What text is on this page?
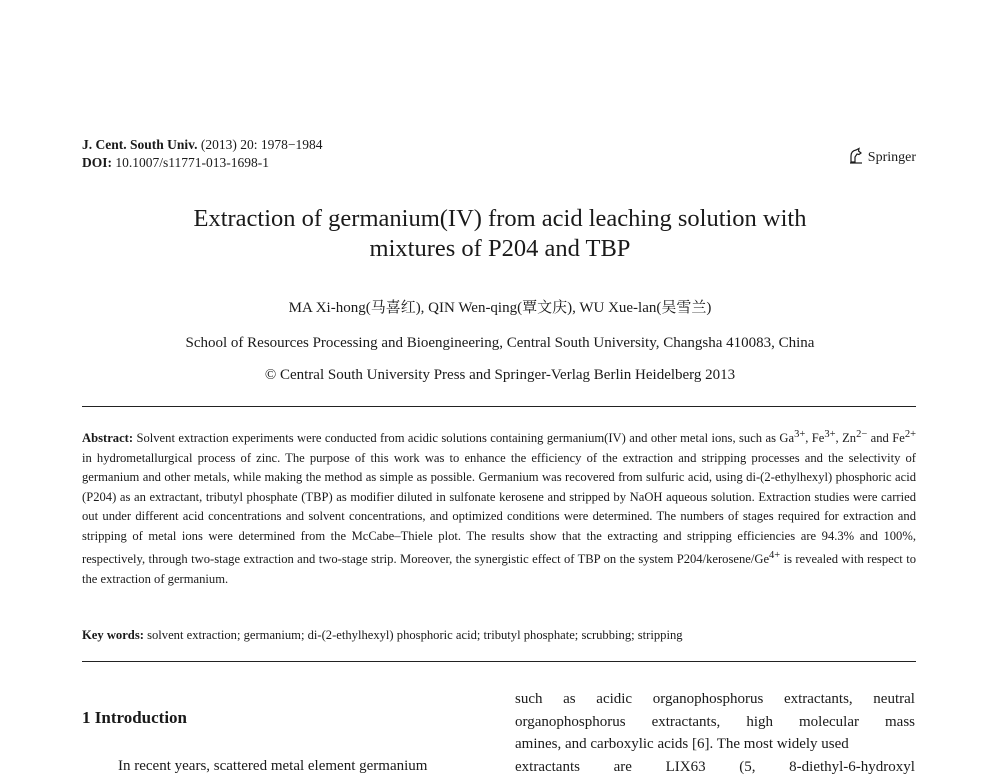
J. Cent. South Univ. (2013) 20: 1978−1984
DOI: 10.1007/s11771-013-1698-1	Springer
Extraction of germanium(IV) from acid leaching solution with
mixtures of P204 and TBP
MA Xi-hong(马喜红), QIN Wen-qing(覃文庆), WU Xue-lan(吴雪兰)
School of Resources Processing and Bioengineering, Central South University, Changsha 410083, China
© Central South University Press and Springer-Verlag Berlin Heidelberg 2013
Abstract: Solvent extraction experiments were conducted from acidic solutions containing germanium(IV) and other metal ions, such as $Ga^{3+}$, $Fe^{3+}$, $Zn^{2-}$ and $Fe^{2+}$ in hydrometallurgical process of zinc. The purpose of this work was to enhance the efficiency of the extraction and stripping processes and the selectivity of germanium and other metals, while making the method as simple as possible. Germanium was recovered from sulfuric acid, using di-(2-ethylhexyl) phosphoric acid (P204) as an extractant, tributyl phosphate (TBP) as modifier diluted in sulfonate kerosene and stripped by NaOH aqueous solution. Extraction studies were carried out under different acid concentrations and solvent concentrations, and optimized conditions were determined. The numbers of stages required for extraction and stripping of metal ions were determined from the McCabe–Thiele plot. The results show that the extracting and stripping efficiencies are 94.3% and 100%, respectively, through two-stage extraction and two-stage strip. Moreover, the synergistic effect of TBP on the system $P204/kerosene/Ge^{4+}$ is revealed with respect to the extraction of germanium.
Key words: solvent extraction; germanium; di-(2-ethylhexyl) phosphoric acid; tributyl phosphate; scrubbing; stripping
1 Introduction
In recent years, scattered metal element germanium
such as acidic organophosphorus extractants, neutral
organophosphorus extractants, high molecular mass
amines, and carboxylic acids [6]. The most widely used
extractants are LIX63 (5, 8-diethyl-6-hydroxyl
